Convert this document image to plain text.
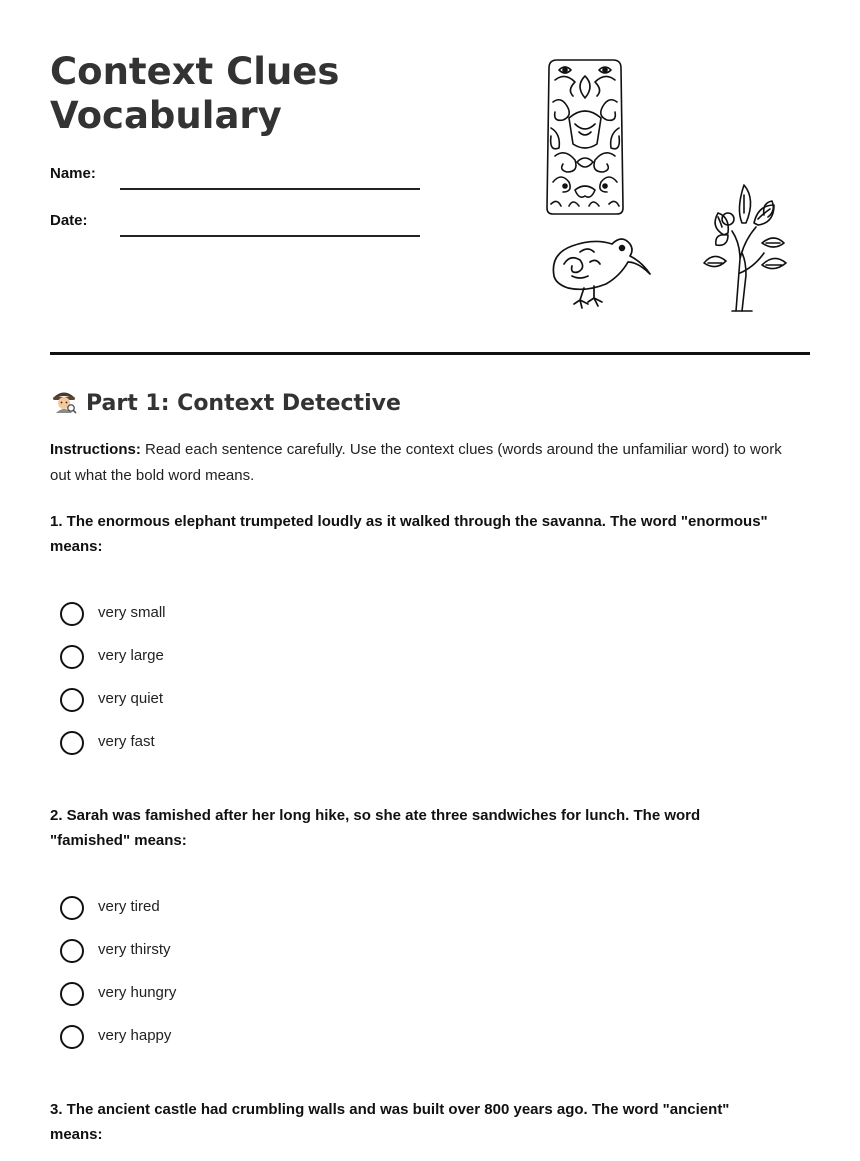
Context Clues Vocabulary
Name:
Date:
Part 1: Context Detective
Instructions: Read each sentence carefully. Use the context clues (words around the unfamiliar word) to work out what the bold word means.
1. The enormous elephant trumpeted loudly as it walked through the savanna. The word "enormous" means:
very small
very large
very quiet
very fast
2. Sarah was famished after her long hike, so she ate three sandwiches for lunch. The word "famished" means:
very tired
very thirsty
very hungry
very happy
3. The ancient castle had crumbling walls and was built over 800 years ago. The word "ancient" means:
